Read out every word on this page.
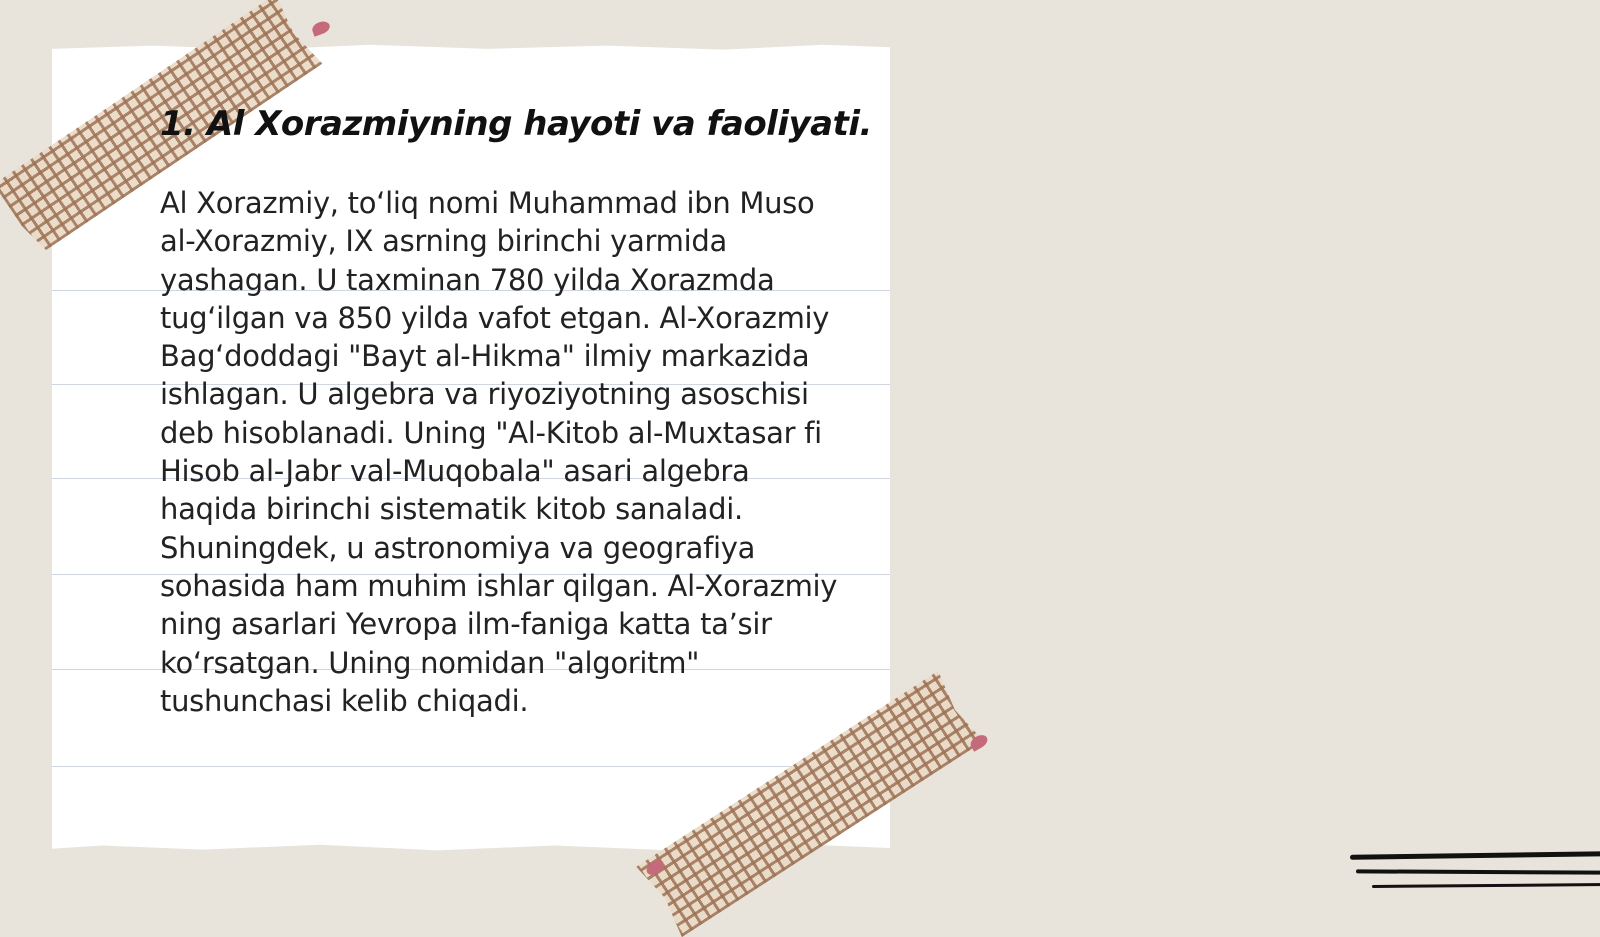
1. Al Xorazmiyning hayoti va faoliyati.

Al Xorazmiy, to‘liq nomi Muhammad ibn Muso al-Xorazmiy, IX asrning birinchi yarmida yashagan. U taxminan 780 yilda Xorazmda tug‘ilgan va 850 yilda vafot etgan. Al-Xorazmiy Bag‘doddagi "Bayt al-Hikma" ilmiy markazida ishlagan. U algebra va riyoziyotning asoschisi deb hisoblanadi. Uning "Al-Kitob al-Muxtasar fi Hisob al-Jabr val-Muqobala" asari algebra haqida birinchi sistematik kitob sanaladi. Shuningdek, u astronomiya va geografiya sohasida ham muhim ishlar qilgan. Al-Xorazmiy ning asarlari Yevropa ilm-faniga katta ta’sir ko‘rsatgan. Uning nomidan "algoritm" tushunchasi kelib chiqadi.
